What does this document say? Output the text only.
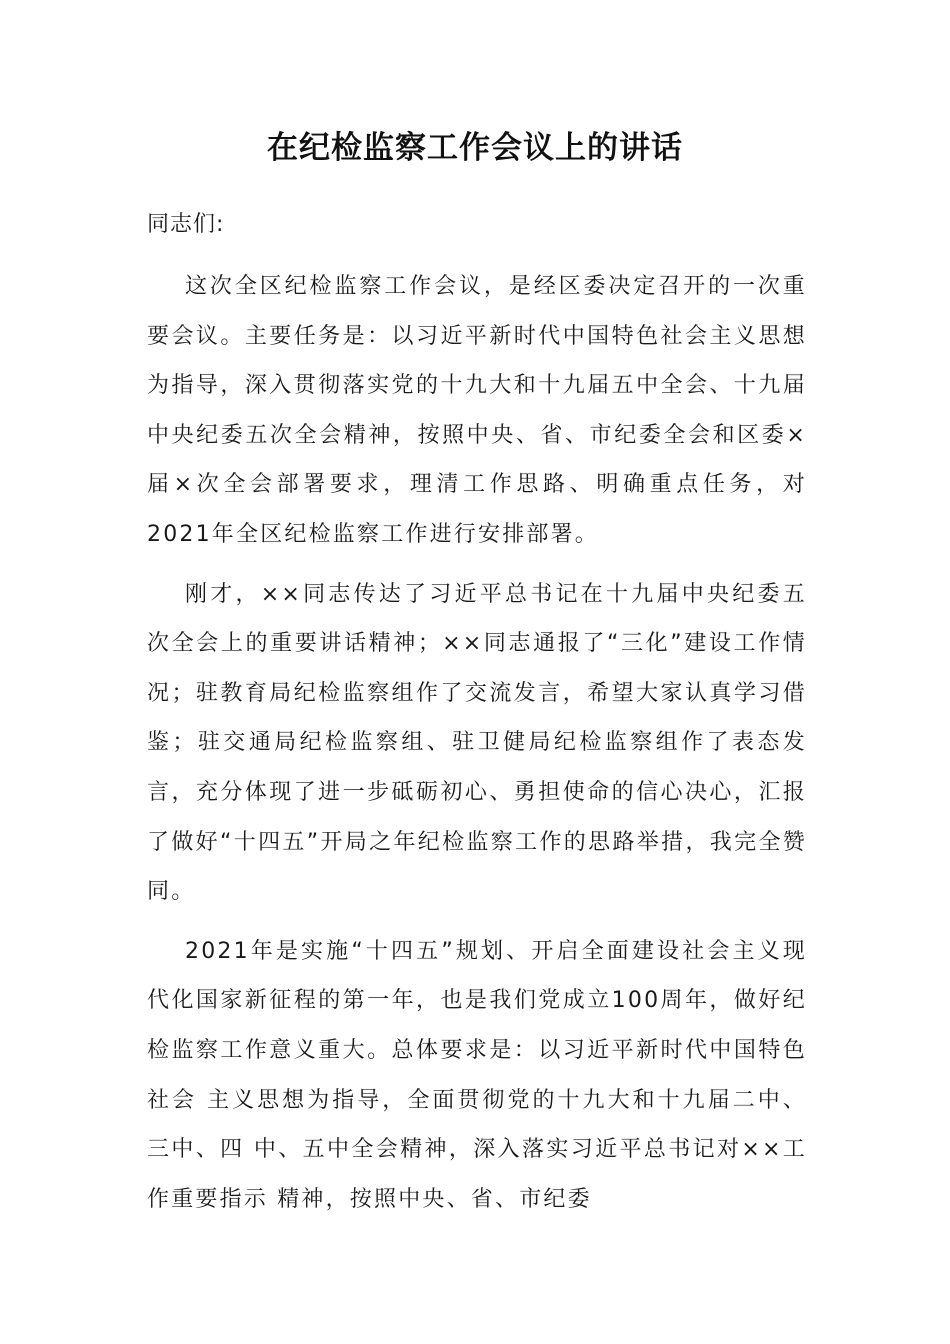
在纪检监察工作会议上的讲话

同志们:

这次全区纪检监察工作会议，是经区委决定召开的一次重要会议。主要任务是：以习近平新时代中国特色社会主义思想为指导，深入贯彻落实党的十九大和十九届五中全会、十九届中央纪委五次全会精神，按照中央、省、市纪委全会和区委×届×次全会部署要求，理清工作思路、明确重点任务，对2021年全区纪检监察工作进行安排部署。

刚才，××同志传达了习近平总书记在十九届中央纪委五次全会上的重要讲话精神；××同志通报了“三化”建设工作情况；驻教育局纪检监察组作了交流发言，希望大家认真学习借鉴；驻交通局纪检监察组、驻卫健局纪检监察组作了表态发言，充分体现了进一步砥砺初心、勇担使命的信心决心，汇报了做好“十四五”开局之年纪检监察工作的思路举措，我完全赞同。

2021年是实施“十四五”规划、开启全面建设社会主义现代化国家新征程的第一年，也是我们党成立100周年，做好纪检监察工作意义重大。总体要求是：以习近平新时代中国特色社会 主义思想为指导，全面贯彻党的十九大和十九届二中、三中、四 中、五中全会精神，深入落实习近平总书记对××工作重要指示 精神，按照中央、省、市纪委
